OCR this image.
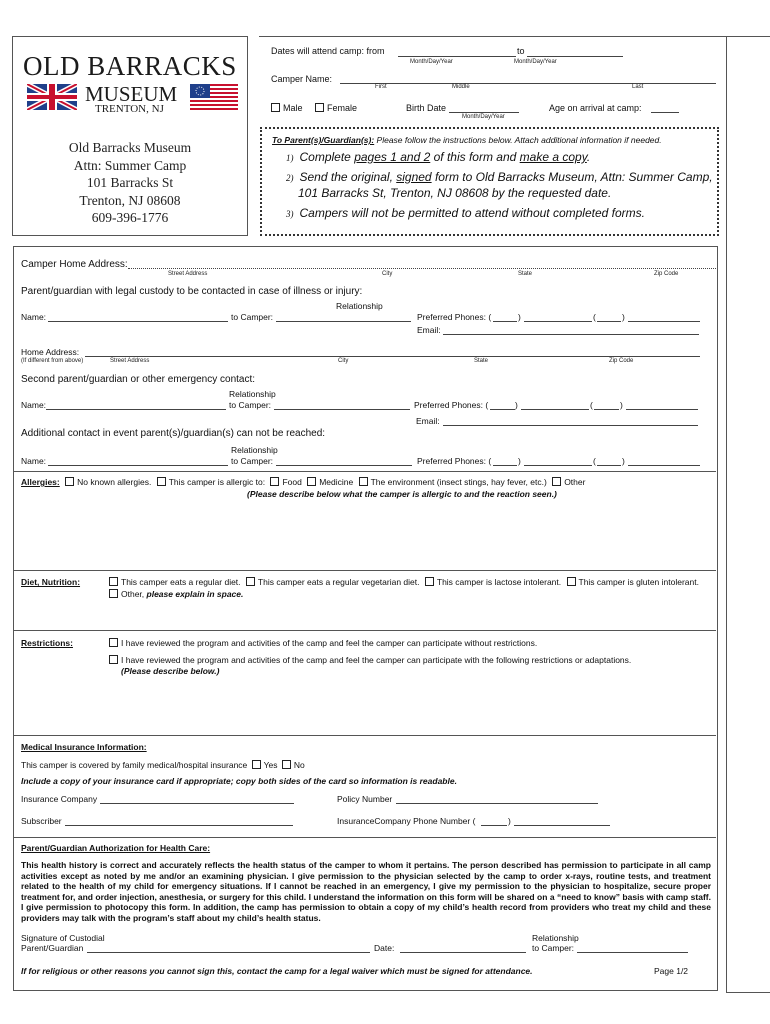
OLD BARRACKS
MUSEUM
TRENTON, NJ
Old Barracks Museum
Attn: Summer Camp
101 Barracks St
Trenton, NJ 08608
609-396-1776
Dates will attend camp: from	to
Month/Day/Year	Month/Day/Year
Camper Name:
First	Middle	Last
Male	Female	Birth Date
Month/Day/Year
Age on arrival at camp:
To Parent(s)/Guardian(s): Please follow the instructions below. Attach additional information if needed.
1) Complete pages 1 and 2 of this form and make a copy.
2) Send the original, signed form to Old Barracks Museum, Attn: Summer Camp,
101 Barracks St, Trenton, NJ 08608 by the requested date.
3) Campers will not be permitted to attend without completed forms.
Camper Home Address:
Street Address	City	State	Zip Code
Parent/guardian with legal custody to be contacted in case of illness or injury:
Relationship
Name:	to Camper:	Preferred Phones: (	)	(	)
Email:
Home Address:
(If different from above)	Street Address	City	State	Zip Code
Second parent/guardian or other emergency contact:
Relationship
Name:	to Camper:	Preferred Phones: (	)	(	)
Email:
Additional contact in event parent(s)/guardian(s) can not be reached:
Relationship
Name:	to Camper:	Preferred Phones: (	)	(	)
Allergies: No known allergies. This camper is allergic to: Food Medicine The environment (insect stings, hay fever, etc.) Other
(Please describe below what the camper is allergic to and the reaction seen.)
Diet, Nutrition:	This camper eats a regular diet. This camper eats a regular vegetarian diet. This camper is lactose intolerant. This camper is gluten intolerant.
Other, please explain in space.
Restrictions:	I have reviewed the program and activities of the camp and feel the camper can participate without restrictions.
I have reviewed the program and activities of the camp and feel the camper can participate with the following restrictions or adaptations.
(Please describe below.)
Medical Insurance Information:
This camper is covered by family medical/hospital insurance Yes No
Include a copy of your insurance card if appropriate; copy both sides of the card so information is readable.
Insurance Company	Policy Number
Subscriber	InsuranceCompany Phone Number (	)
Parent/Guardian Authorization for Health Care:
This health history is correct and accurately reflects the health status of the camper to whom it pertains. The person described has permission to participate in all camp activities except as noted by me and/or an examining physician. I give permission to the physician selected by the camp to order x-rays, routine tests, and treatment related to the health of my child for emergency situations. If I cannot be reached in an emergency, I give my permission to the physician to hospitalize, secure proper treatment for, and order injection, anesthesia, or surgery for this child. I understand the information on this form will be shared on a “need to know” basis with camp staff. I give permission to photocopy this form. In addition, the camp has permission to obtain a copy of my child’s health record from providers who treat my child and these providers may talk with the program’s staff about my child’s health status.
Signature of Custodial
Parent/Guardian	Date:
Relationship
to Camper:
If for religious or other reasons you cannot sign this, contact the camp for a legal waiver which must be signed for attendance.	Page 1/2
